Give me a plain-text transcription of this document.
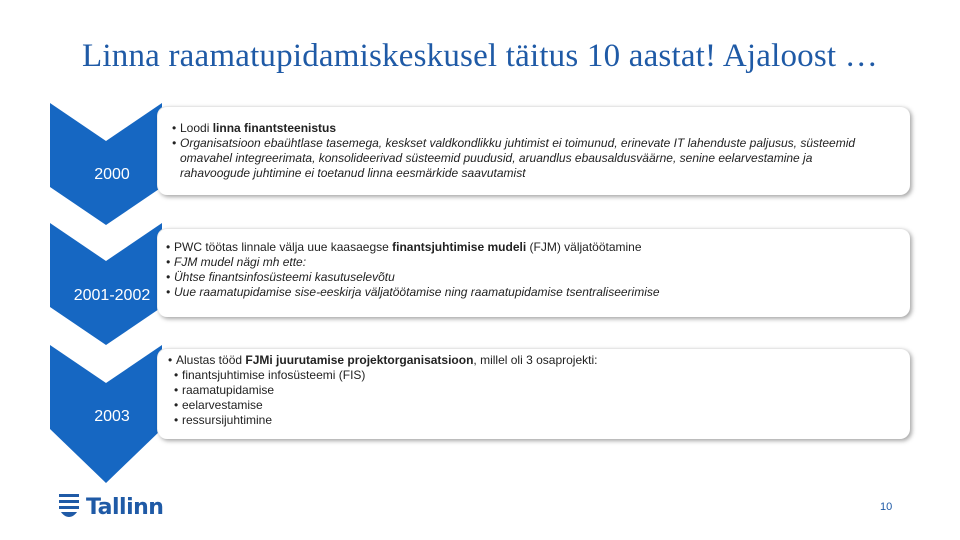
Linna raamatupidamiskeskusel täitus 10 aastat! Ajaloost …
2000
2001-2002
2003
• Loodi linna finantsteenistus
• Organisatsioon ebaühtlase tasemega, keskset valdkondlikku juhtimist ei toimunud, erinevate IT lahenduste paljusus, süsteemid omavahel integreerimata, konsolideerivad süsteemid puudusid, aruandlus ebausaldusväärne, senine eelarvestamine ja rahavoogude juhtimine ei toetanud linna eesmärkide saavutamist
• PWC töötas linnale välja uue kaasaegse finantsjuhtimise mudeli (FJM) väljatöötamine
• FJM mudel nägi mh ette:
• Ühtse finantsinfosüsteemi kasutuselevõtu
• Uue raamatupidamise sise-eeskirja väljatöötamise ning raamatupidamise tsentraliseerimise
• Alustas tööd FJMi juurutamise projektorganisatsioon, millel oli 3 osaprojekti:
• finantsjuhtimise infosüsteemi (FIS)
• raamatupidamise
• eelarvestamise
• ressursijuhtimine
Tallinn	10
